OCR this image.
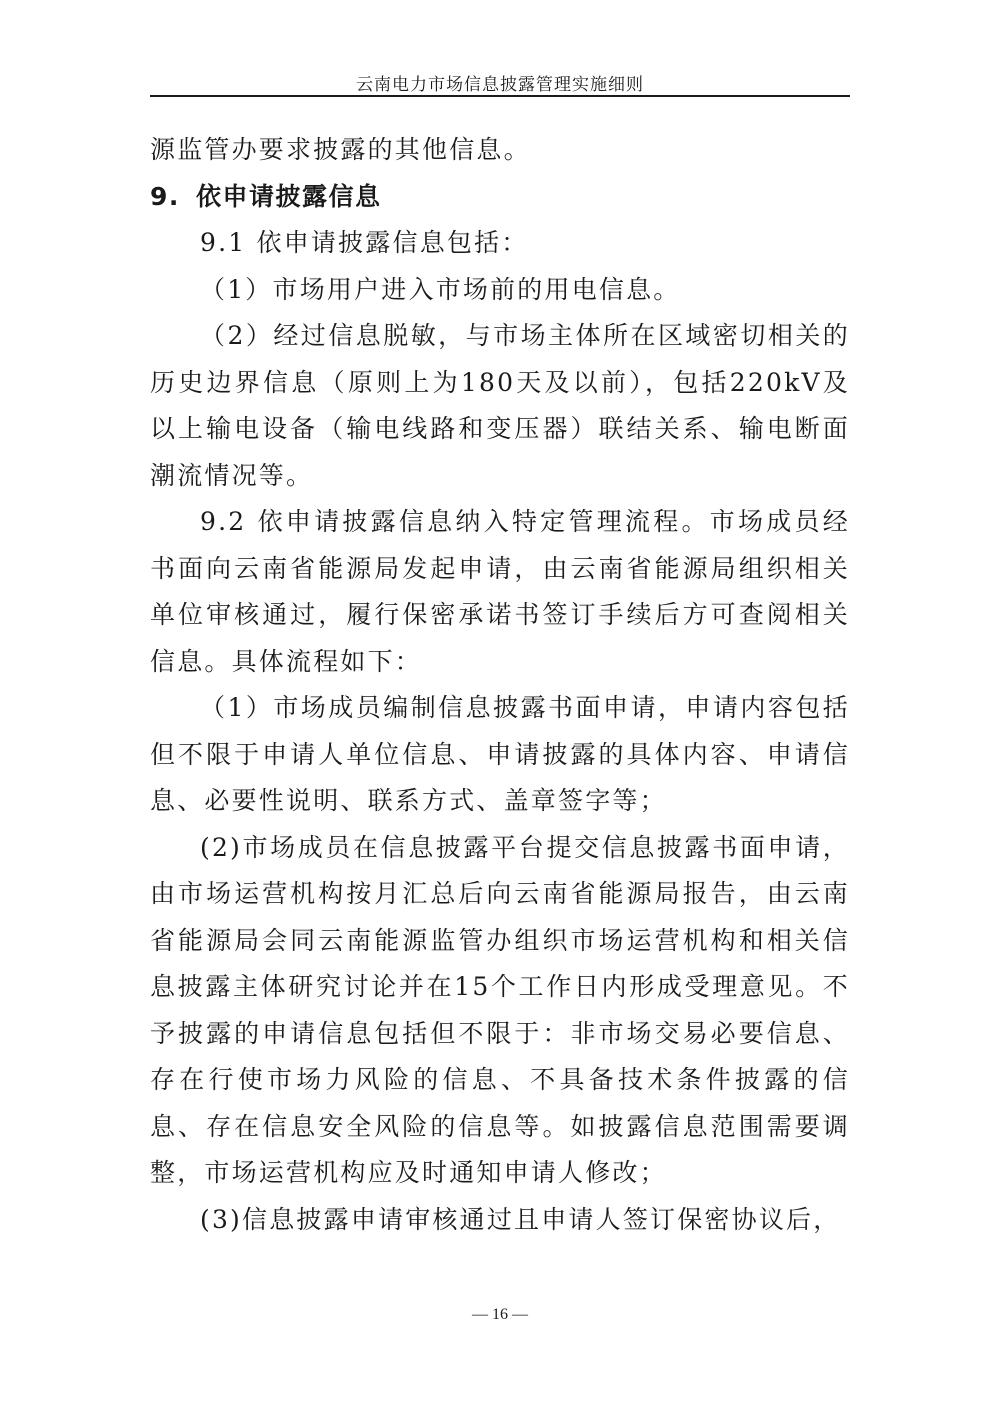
云南电力市场信息披露管理实施细则

源监管办要求披露的其他信息。

9. 依申请披露信息

9.1 依申请披露信息包括：

（1）市场用户进入市场前的用电信息。

（2）经过信息脱敏，与市场主体所在区域密切相关的历史边界信息（原则上为180天及以前），包括220kV及以上输电设备（输电线路和变压器）联结关系、输电断面潮流情况等。

9.2 依申请披露信息纳入特定管理流程。市场成员经书面向云南省能源局发起申请，由云南省能源局组织相关单位审核通过，履行保密承诺书签订手续后方可查阅相关信息。具体流程如下：

（1）市场成员编制信息披露书面申请，申请内容包括但不限于申请人单位信息、申请披露的具体内容、申请信息、必要性说明、联系方式、盖章签字等；

(2)市场成员在信息披露平台提交信息披露书面申请，由市场运营机构按月汇总后向云南省能源局报告，由云南省能源局会同云南能源监管办组织市场运营机构和相关信息披露主体研究讨论并在15个工作日内形成受理意见。不予披露的申请信息包括但不限于：非市场交易必要信息、存在行使市场力风险的信息、不具备技术条件披露的信息、存在信息安全风险的信息等。如披露信息范围需要调整，市场运营机构应及时通知申请人修改；

(3)信息披露申请审核通过且申请人签订保密协议后，

— 16 —
